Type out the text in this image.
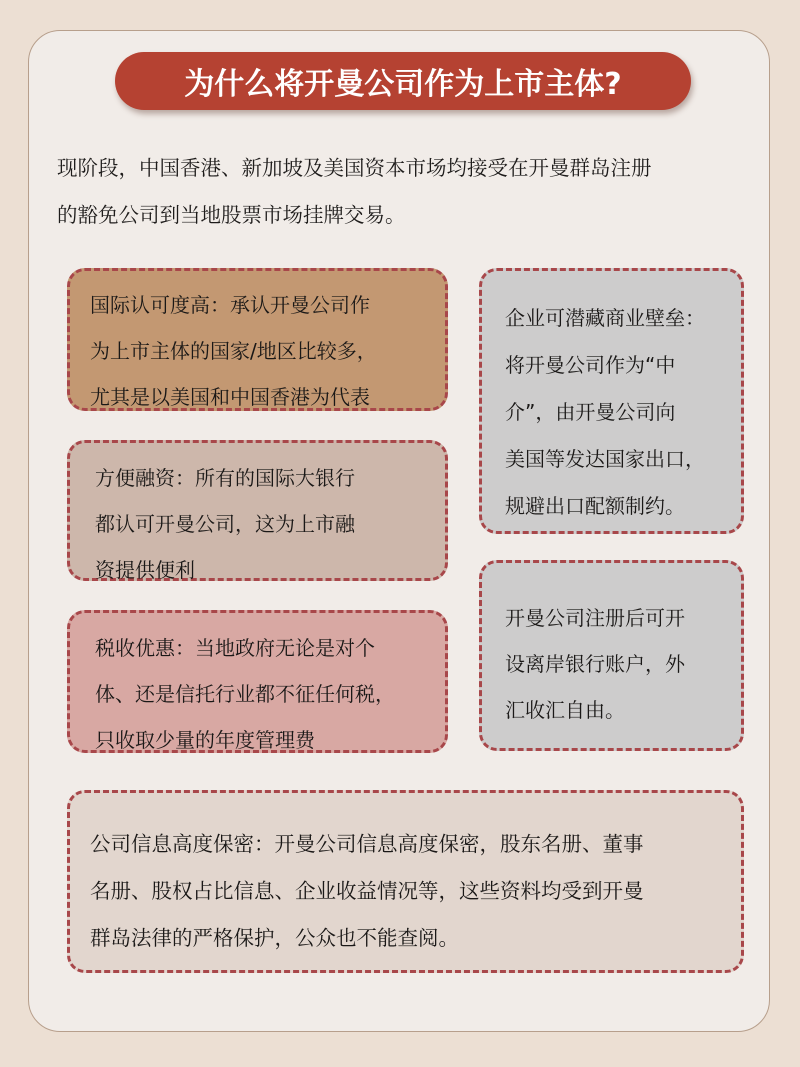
为什么将开曼公司作为上市主体?
现阶段，中国香港、新加坡及美国资本市场均接受在开曼群岛注册
的豁免公司到当地股票市场挂牌交易。

国际认可度高：承认开曼公司作

为上市主体的国家/地区比较多，

尤其是以美国和中国香港为代表

方便融资：所有的国际大银行

都认可开曼公司，这为上市融

资提供便利

税收优惠：当地政府无论是对个

体、还是信托行业都不征任何税，

只收取少量的年度管理费

企业可潜藏商业壁垒：

将开曼公司作为“中

介”，由开曼公司向

美国等发达国家出口，

规避出口配额制约。

开曼公司注册后可开

设离岸银行账户，外

汇收汇自由。

公司信息高度保密：开曼公司信息高度保密，股东名册、董事

名册、股权占比信息、企业收益情况等，这些资料均受到开曼

群岛法律的严格保护，公众也不能查阅。
